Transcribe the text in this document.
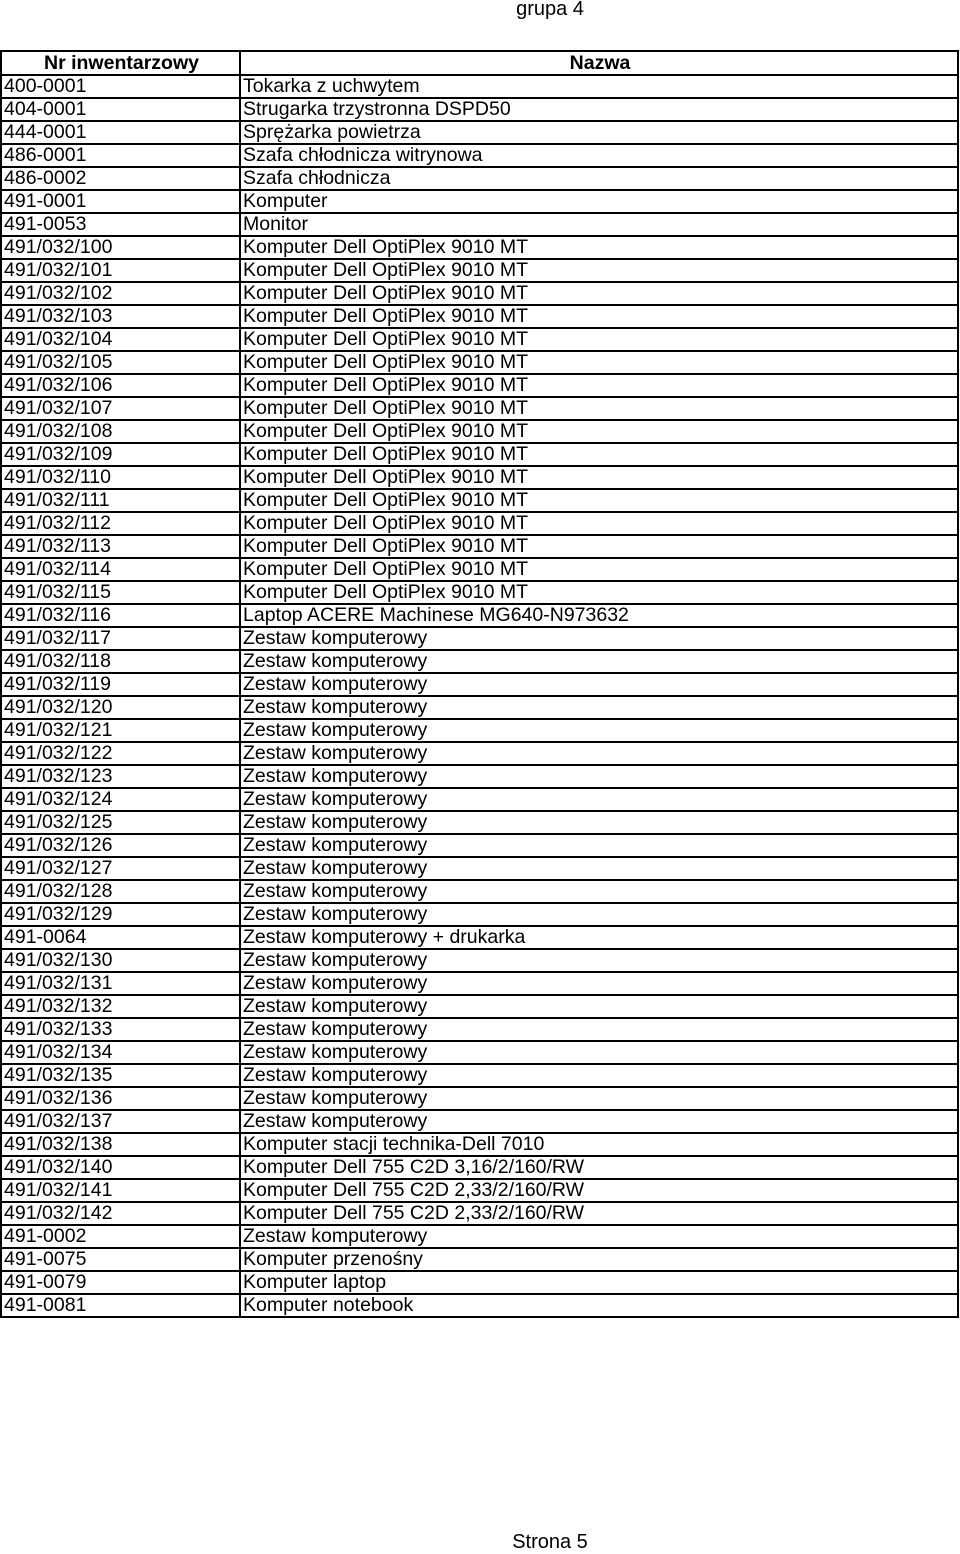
grupa 4
Nr inwentarzowy	Nazwa
400-0001	Tokarka z uchwytem
404-0001	Strugarka trzystronna DSPD50
444-0001	Sprężarka powietrza
486-0001	Szafa chłodnicza witrynowa
486-0002	Szafa chłodnicza
491-0001	Komputer
491-0053	Monitor
491/032/100	Komputer Dell OptiPlex 9010 MT
491/032/101	Komputer Dell OptiPlex 9010 MT
491/032/102	Komputer Dell OptiPlex 9010 MT
491/032/103	Komputer Dell OptiPlex 9010 MT
491/032/104	Komputer Dell OptiPlex 9010 MT
491/032/105	Komputer Dell OptiPlex 9010 MT
491/032/106	Komputer Dell OptiPlex 9010 MT
491/032/107	Komputer Dell OptiPlex 9010 MT
491/032/108	Komputer Dell OptiPlex 9010 MT
491/032/109	Komputer Dell OptiPlex 9010 MT
491/032/110	Komputer Dell OptiPlex 9010 MT
491/032/111	Komputer Dell OptiPlex 9010 MT
491/032/112	Komputer Dell OptiPlex 9010 MT
491/032/113	Komputer Dell OptiPlex 9010 MT
491/032/114	Komputer Dell OptiPlex 9010 MT
491/032/115	Komputer Dell OptiPlex 9010 MT
491/032/116	Laptop ACERE Machinese MG640-N973632
491/032/117	Zestaw komputerowy
491/032/118	Zestaw komputerowy
491/032/119	Zestaw komputerowy
491/032/120	Zestaw komputerowy
491/032/121	Zestaw komputerowy
491/032/122	Zestaw komputerowy
491/032/123	Zestaw komputerowy
491/032/124	Zestaw komputerowy
491/032/125	Zestaw komputerowy
491/032/126	Zestaw komputerowy
491/032/127	Zestaw komputerowy
491/032/128	Zestaw komputerowy
491/032/129	Zestaw komputerowy
491-0064	Zestaw komputerowy + drukarka
491/032/130	Zestaw komputerowy
491/032/131	Zestaw komputerowy
491/032/132	Zestaw komputerowy
491/032/133	Zestaw komputerowy
491/032/134	Zestaw komputerowy
491/032/135	Zestaw komputerowy
491/032/136	Zestaw komputerowy
491/032/137	Zestaw komputerowy
491/032/138	Komputer stacji technika-Dell 7010
491/032/140	Komputer Dell 755 C2D 3,16/2/160/RW
491/032/141	Komputer Dell 755 C2D 2,33/2/160/RW
491/032/142	Komputer Dell 755 C2D 2,33/2/160/RW
491-0002	Zestaw komputerowy
491-0075	Komputer przenośny
491-0079	Komputer laptop
491-0081	Komputer notebook
Strona 5
